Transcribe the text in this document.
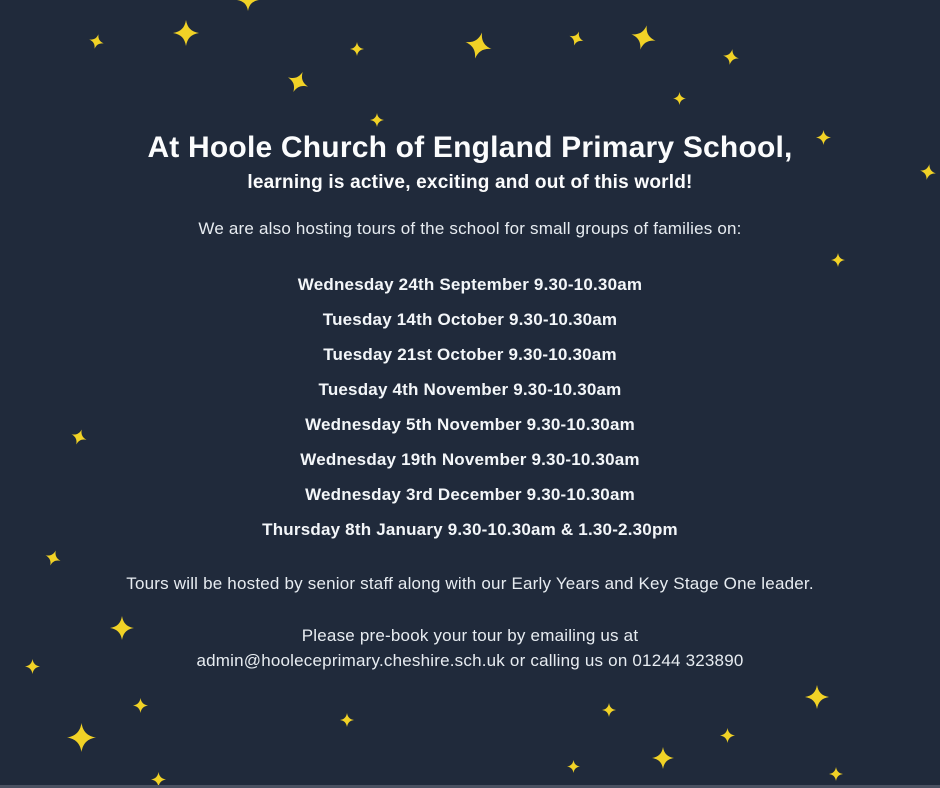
At Hoole Church of England Primary School,
learning is active, exciting and out of this world!
We are also hosting tours of the school for small groups of families on:
Wednesday 24th September 9.30-10.30am
Tuesday 14th October 9.30-10.30am
Tuesday 21st October 9.30-10.30am
Tuesday 4th November 9.30-10.30am
Wednesday 5th November 9.30-10.30am
Wednesday 19th November 9.30-10.30am
Wednesday 3rd December 9.30-10.30am
Thursday 8th January 9.30-10.30am & 1.30-2.30pm
Tours will be hosted by senior staff along with our Early Years and Key Stage One leader.
Please pre-book your tour by emailing us at
admin@hooleceprimary.cheshire.sch.uk or calling us on 01244 323890
